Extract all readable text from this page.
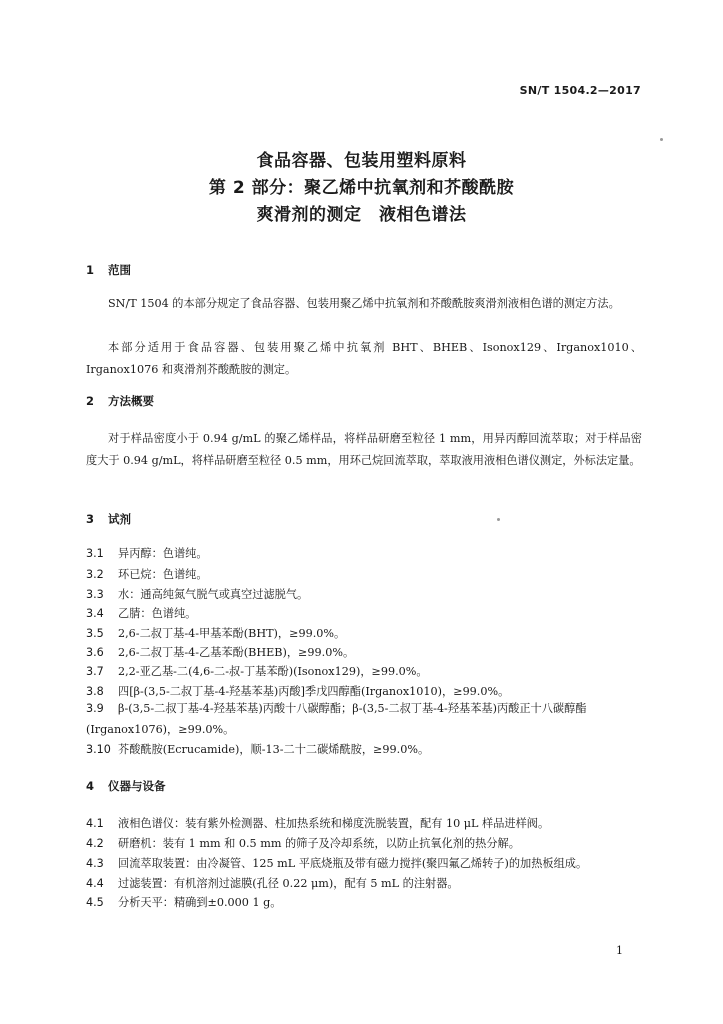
SN/T 1504.2—2017
食品容器、包装用塑料原料
第 2 部分：聚乙烯中抗氧剂和芥酸酰胺
爽滑剂的测定　液相色谱法
1 范围
SN/T 1504 的本部分规定了食品容器、包装用聚乙烯中抗氧剂和芥酸酰胺爽滑剂液相色谱的测定方法。
本部分适用于食品容器、包装用聚乙烯中抗氧剂 BHT、BHEB、Isonox129、Irganox1010、Irganox1076 和爽滑剂芥酸酰胺的测定。
2 方法概要
对于样品密度小于 0.94 g/mL 的聚乙烯样品，将样品研磨至粒径 1 mm，用异丙醇回流萃取；对于样品密度大于 0.94 g/mL，将样品研磨至粒径 0.5 mm，用环己烷回流萃取，萃取液用液相色谱仪测定，外标法定量。
3 试剂
3.1 异丙醇：色谱纯。
3.2 环已烷：色谱纯。
3.3 水：通高纯氮气脱气或真空过滤脱气。
3.4 乙腈：色谱纯。
3.5 2,6-二叔丁基-4-甲基苯酚(BHT)，≥99.0%。
3.6 2,6-二叔丁基-4-乙基苯酚(BHEB)，≥99.0%。
3.7 2,2-亚乙基-二(4,6-二-叔-丁基苯酚)(Isonox129)，≥99.0%。
3.8 四[β-(3,5-二叔丁基-4-羟基苯基)丙酸]季戊四醇酯(Irganox1010)，≥99.0%。
3.9 β-(3,5-二叔丁基-4-羟基苯基)丙酸十八碳醇酯；β-(3,5-二叔丁基-4-羟基苯基)丙酸正十八碳醇酯(Irganox1076)，≥99.0%。
3.10 芥酸酰胺(Ecrucamide)，顺-13-二十二碳烯酰胺，≥99.0%。
4 仪器与设备
4.1 液相色谱仪：装有紫外检测器、柱加热系统和梯度洗脱装置，配有 10 μL 样品进样阀。
4.2 研磨机：装有 1 mm 和 0.5 mm 的筛子及冷却系统，以防止抗氧化剂的热分解。
4.3 回流萃取装置：由冷凝管、125 mL 平底烧瓶及带有磁力搅拌(聚四氟乙烯转子)的加热板组成。
4.4 过滤装置：有机溶剂过滤膜(孔径 0.22 μm)，配有 5 mL 的注射器。
4.5 分析天平：精确到±0.000 1 g。
1
